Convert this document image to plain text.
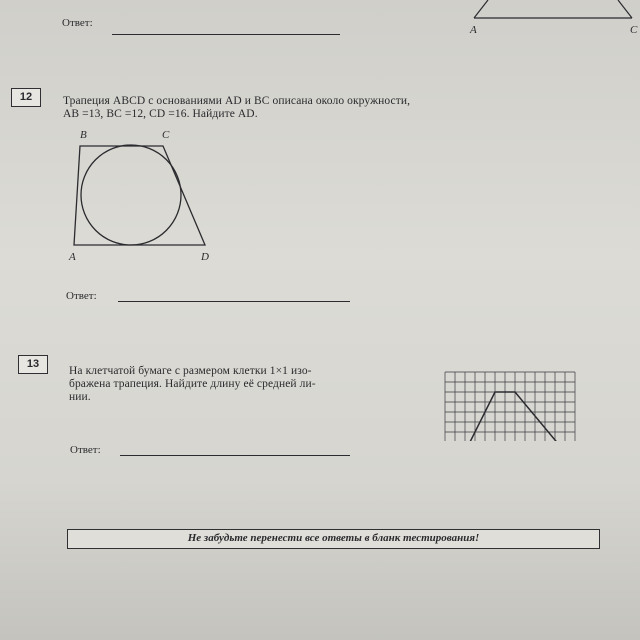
Ответ:
A	C
12	Трапеция ABCD с основаниями AD и BC описана около окружности,
AB =13, BC =12, CD =16. Найдите AD.
B	C
A	D
Ответ:
13
На клетчатой бумаге с размером клетки 1×1 изо-
бражена трапеция. Найдите длину её средней ли-
нии.
Ответ:
Не забудьте перенести все ответы в бланк тестирования!
